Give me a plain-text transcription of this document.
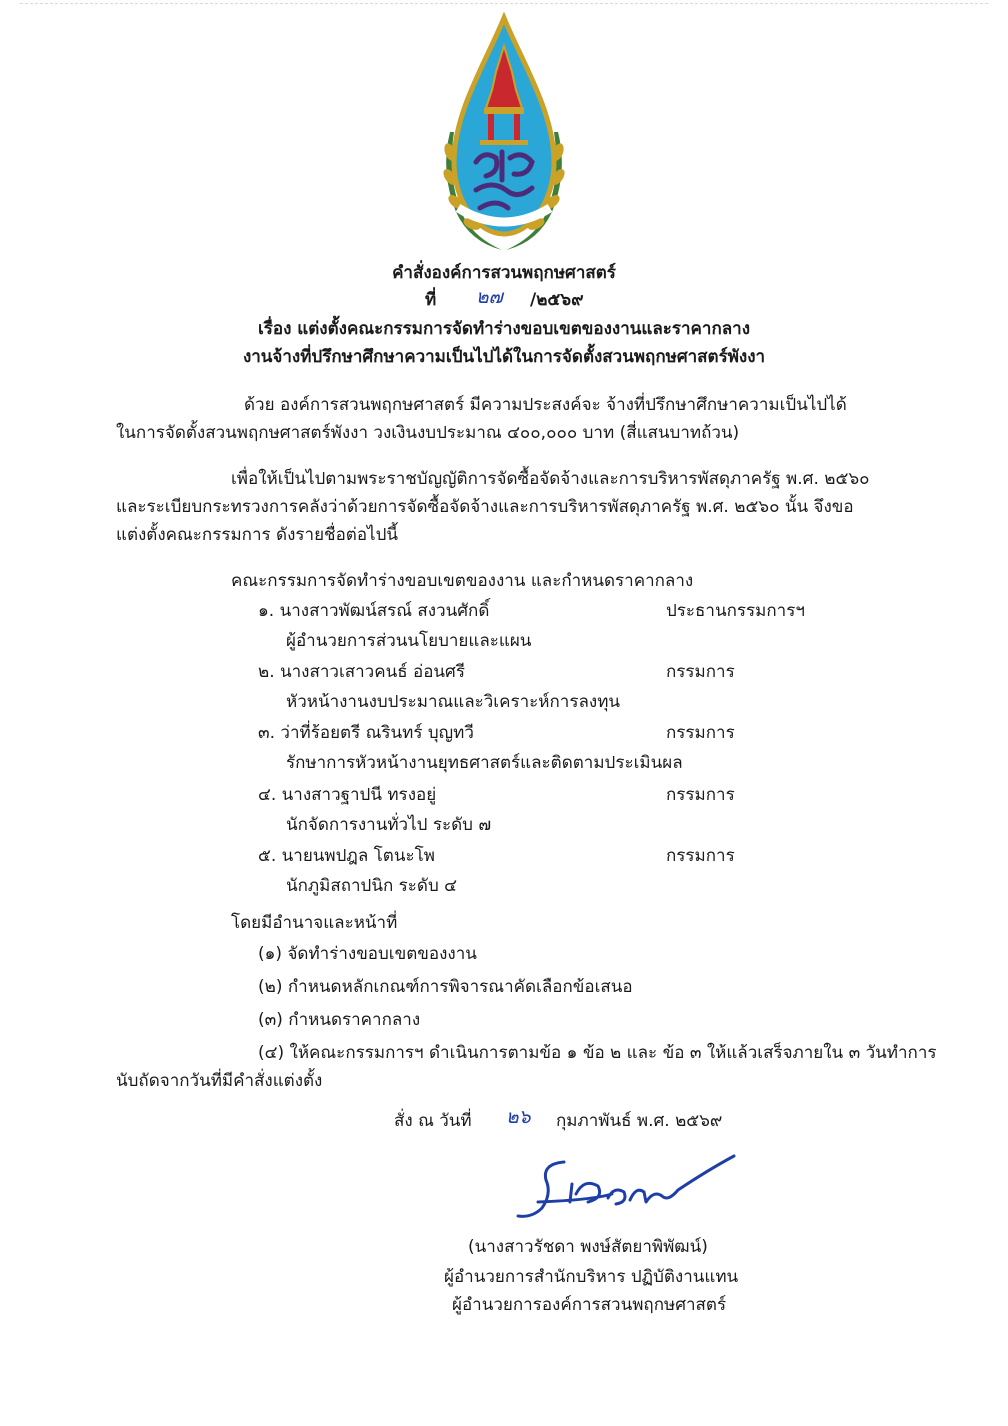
คำสั่งองค์การสวนพฤกษศาสตร์
ที่ ๒๗ /๒๕๖๙
เรื่อง แต่งตั้งคณะกรรมการจัดทำร่างขอบเขตของงานและราคากลาง
งานจ้างที่ปรึกษาศึกษาความเป็นไปได้ในการจัดตั้งสวนพฤกษศาสตร์พังงา
ด้วย องค์การสวนพฤกษศาสตร์ มีความประสงค์จะ จ้างที่ปรึกษาศึกษาความเป็นไปได้
ในการจัดตั้งสวนพฤกษศาสตร์พังงา วงเงินงบประมาณ ๔๐๐,๐๐๐ บาท (สี่แสนบาทถ้วน)
เพื่อให้เป็นไปตามพระราชบัญญัติการจัดซื้อจัดจ้างและการบริหารพัสดุภาครัฐ พ.ศ. ๒๕๖๐
และระเบียบกระทรวงการคลังว่าด้วยการจัดซื้อจัดจ้างและการบริหารพัสดุภาครัฐ พ.ศ. ๒๕๖๐ นั้น จึงขอ
แต่งตั้งคณะกรรมการ ดังรายชื่อต่อไปนี้
คณะกรรมการจัดทำร่างขอบเขตของงาน และกำหนดราคากลาง
๑. นางสาวพัฒน์สรณ์ สงวนศักดิ์	ประธานกรรมการฯ
ผู้อำนวยการส่วนนโยบายและแผน
๒. นางสาวเสาวคนธ์ อ่อนศรี	กรรมการ
หัวหน้างานงบประมาณและวิเคราะห์การลงทุน
๓. ว่าที่ร้อยตรี ณรินทร์ บุญทวี	กรรมการ
รักษาการหัวหน้างานยุทธศาสตร์และติดตามประเมินผล
๔. นางสาวฐาปนี ทรงอยู่	กรรมการ
นักจัดการงานทั่วไป ระดับ ๗
๕. นายนพปฎล โตนะโพ	กรรมการ
นักภูมิสถาปนิก ระดับ ๔
โดยมีอำนาจและหน้าที่
(๑) จัดทำร่างขอบเขตของงาน
(๒) กำหนดหลักเกณฑ์การพิจารณาคัดเลือกข้อเสนอ
(๓) กำหนดราคากลาง
(๔) ให้คณะกรรมการฯ ดำเนินการตามข้อ ๑ ข้อ ๒ และ ข้อ ๓ ให้แล้วเสร็จภายใน ๓ วันทำการ
นับถัดจากวันที่มีคำสั่งแต่งตั้ง
สั่ง ณ วันที่ ๒๖ กุมภาพันธ์ พ.ศ. ๒๕๖๙
(นางสาวรัชดา พงษ์สัตยาพิพัฒน์)
ผู้อำนวยการสำนักบริหาร ปฏิบัติงานแทน
ผู้อำนวยการองค์การสวนพฤกษศาสตร์
